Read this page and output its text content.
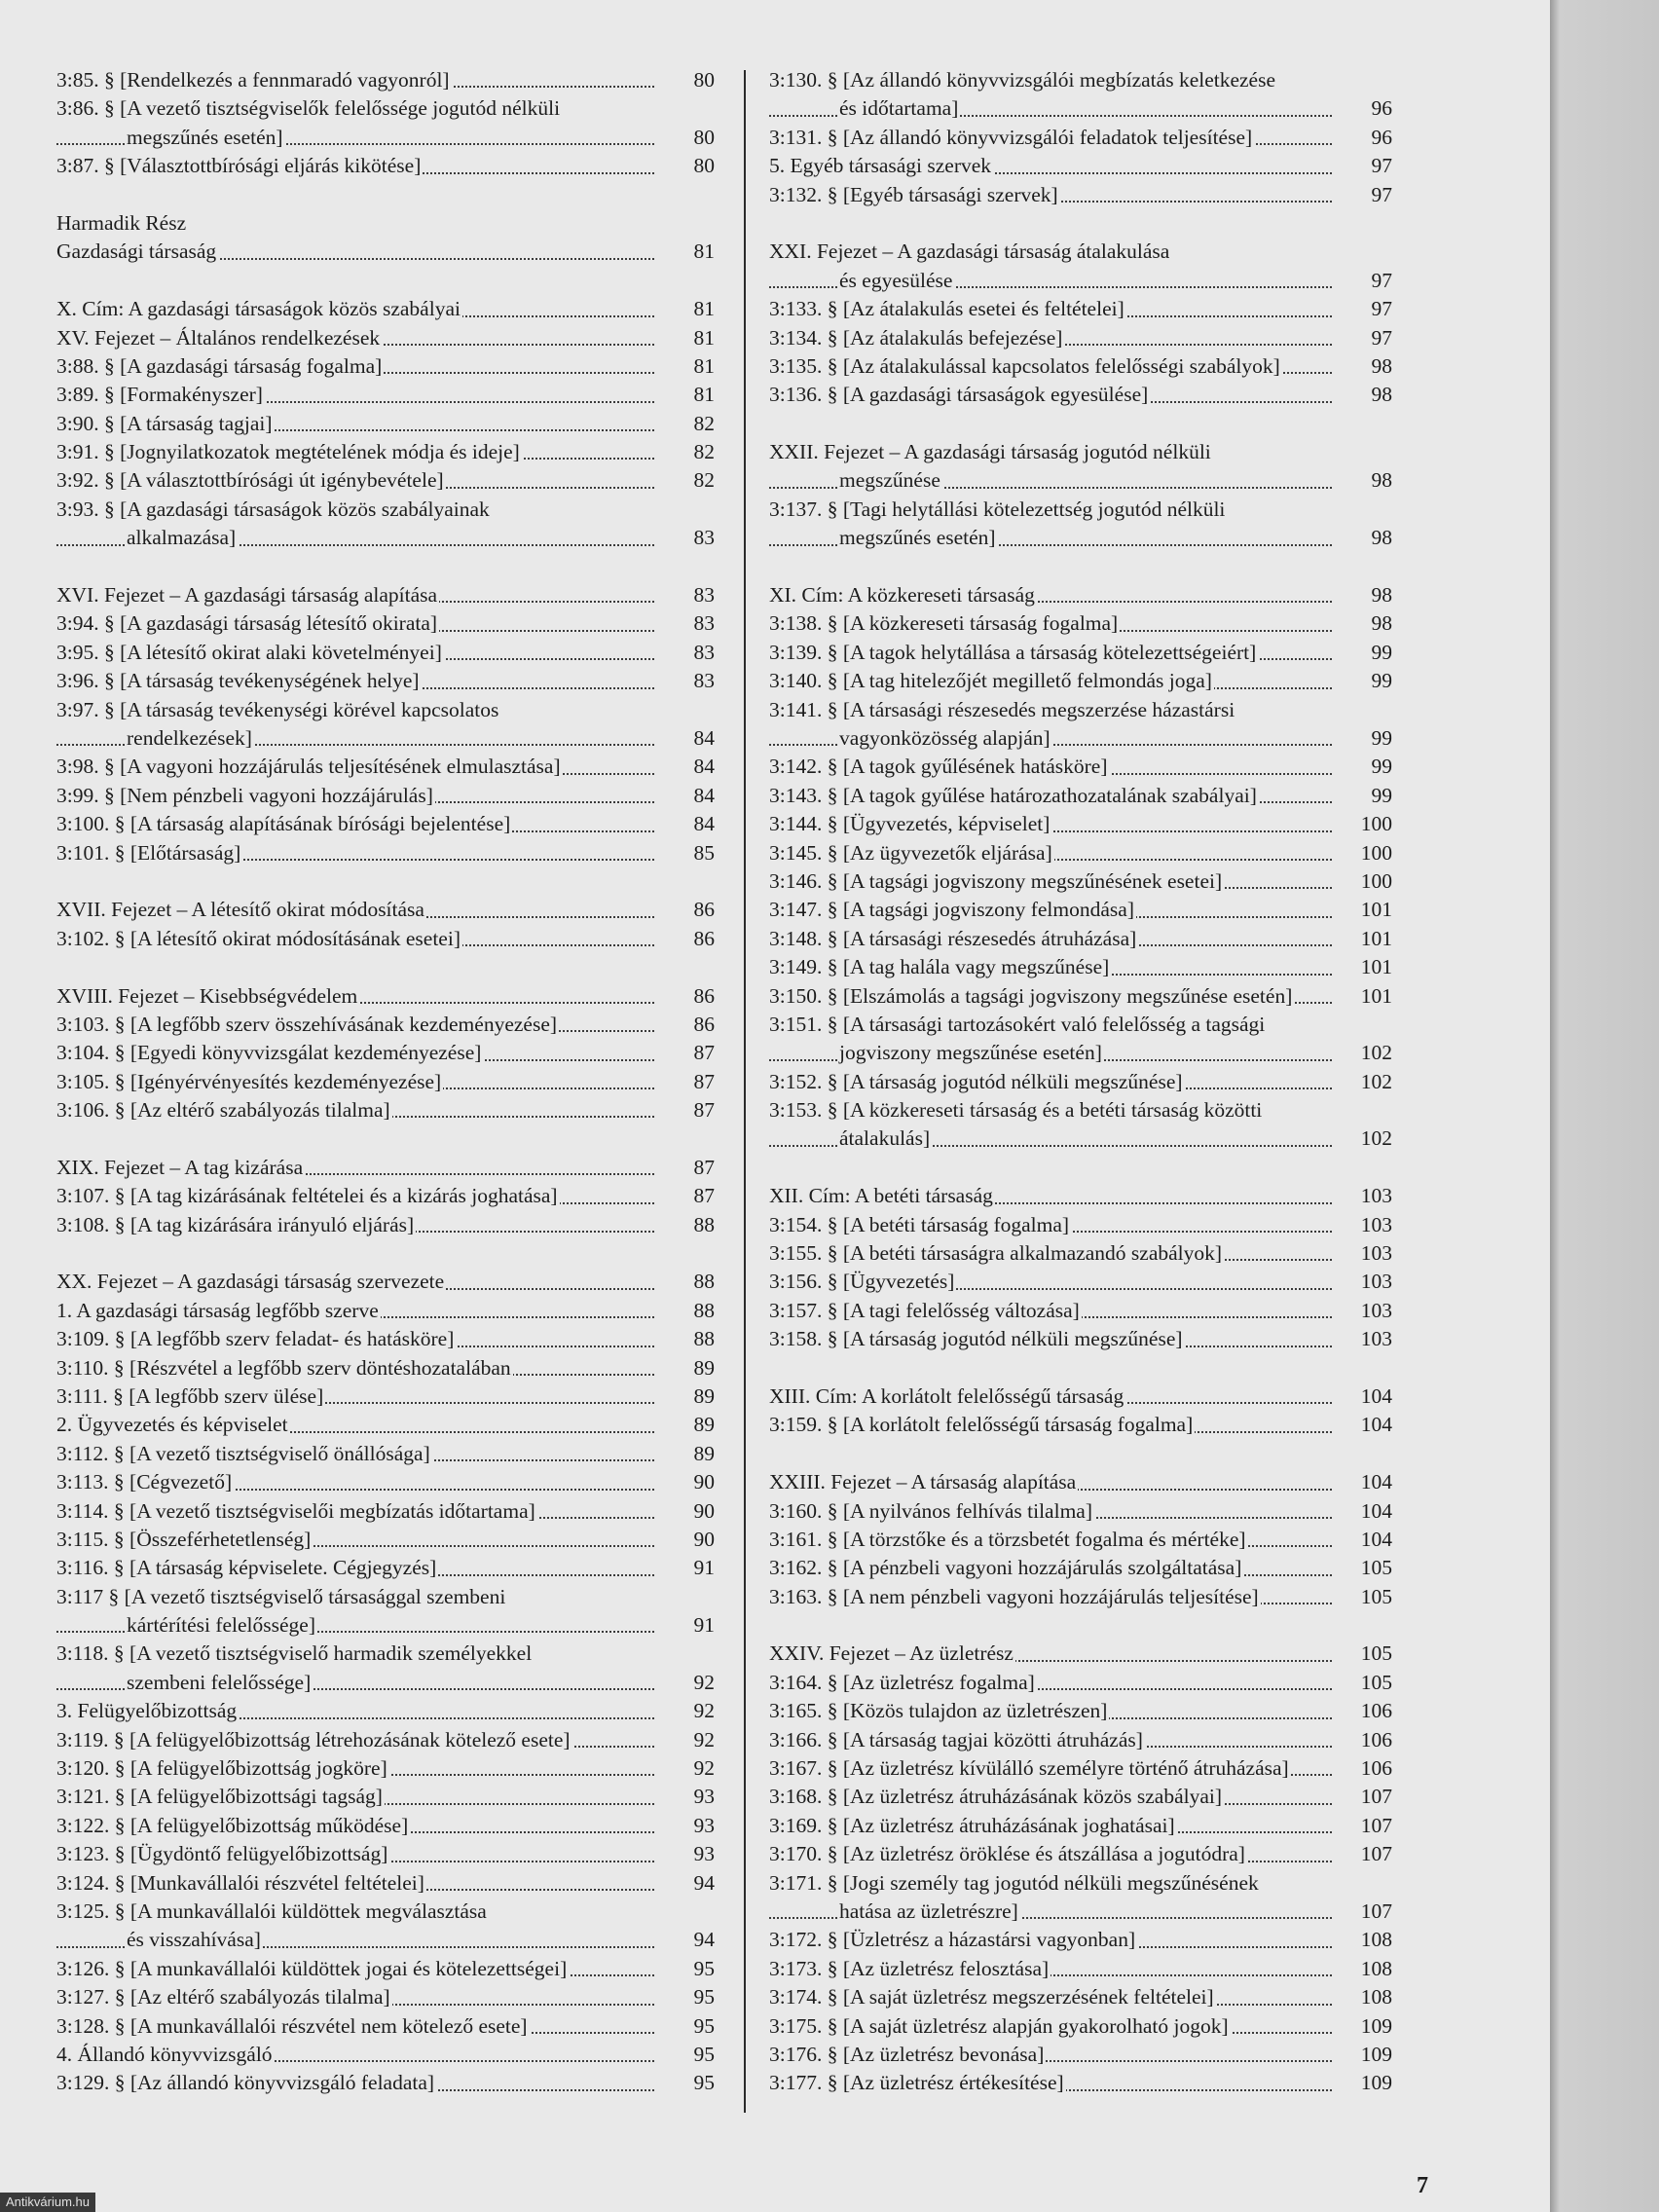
3:85. § [Rendelkezés a fennmaradó vagyonról]	80
3:86. § [A vezető tisztségviselők felelőssége jogutód nélküli
megszűnés esetén]	80
3:87. § [Választottbírósági eljárás kikötése]	80
Harmadik Rész
Gazdasági társaság	81
X. Cím: A gazdasági társaságok közös szabályai	81
XV. Fejezet – Általános rendelkezések	81
3:88. § [A gazdasági társaság fogalma]	81
3:89. § [Formakényszer]	81
3:90. § [A társaság tagjai]	82
3:91. § [Jognyilatkozatok megtételének módja és ideje]	82
3:92. § [A választottbírósági út igénybevétele]	82
3:93. § [A gazdasági társaságok közös szabályainak
alkalmazása]	83
XVI. Fejezet – A gazdasági társaság alapítása	83
3:94. § [A gazdasági társaság létesítő okirata]	83
3:95. § [A létesítő okirat alaki követelményei]	83
3:96. § [A társaság tevékenységének helye]	83
3:97. § [A társaság tevékenységi körével kapcsolatos
rendelkezések]	84
3:98. § [A vagyoni hozzájárulás teljesítésének elmulasztása]	84
3:99. § [Nem pénzbeli vagyoni hozzájárulás]	84
3:100. § [A társaság alapításának bírósági bejelentése]	84
3:101. § [Előtársaság]	85
XVII. Fejezet – A létesítő okirat módosítása	86
3:102. § [A létesítő okirat módosításának esetei]	86
XVIII. Fejezet – Kisebbségvédelem	86
3:103. § [A legfőbb szerv összehívásának kezdeményezése]	86
3:104. § [Egyedi könyvvizsgálat kezdeményezése]	87
3:105. § [Igényérvényesítés kezdeményezése]	87
3:106. § [Az eltérő szabályozás tilalma]	87
XIX. Fejezet – A tag kizárása	87
3:107. § [A tag kizárásának feltételei és a kizárás joghatása]	87
3:108. § [A tag kizárására irányuló eljárás]	88
XX. Fejezet – A gazdasági társaság szervezete	88
1. A gazdasági társaság legfőbb szerve	88
3:109. § [A legfőbb szerv feladat- és hatásköre]	88
3:110. § [Részvétel a legfőbb szerv döntéshozatalában	89
3:111. § [A legfőbb szerv ülése]	89
2. Ügyvezetés és képviselet	89
3:112. § [A vezető tisztségviselő önállósága]	89
3:113. § [Cégvezető]	90
3:114. § [A vezető tisztségviselői megbízatás időtartama]	90
3:115. § [Összeférhetetlenség]	90
3:116. § [A társaság képviselete. Cégjegyzés]	91
3:117 § [A vezető tisztségviselő társasággal szembeni
kártérítési felelőssége]	91
3:118. § [A vezető tisztségviselő harmadik személyekkel
szembeni felelőssége]	92
3. Felügyelőbizottság	92
3:119. § [A felügyelőbizottság létrehozásának kötelező esete]	92
3:120. § [A felügyelőbizottság jogköre]	92
3:121. § [A felügyelőbizottsági tagság]	93
3:122. § [A felügyelőbizottság működése]	93
3:123. § [Ügydöntő felügyelőbizottság]	93
3:124. § [Munkavállalói részvétel feltételei]	94
3:125. § [A munkavállalói küldöttek megválasztása
és visszahívása]	94
3:126. § [A munkavállalói küldöttek jogai és kötelezettségei]	95
3:127. § [Az eltérő szabályozás tilalma]	95
3:128. § [A munkavállalói részvétel nem kötelező esete]	95
4. Állandó könyvvizsgáló	95
3:129. § [Az állandó könyvvizsgáló feladata]	95
3:130. § [Az állandó könyvvizsgálói megbízatás keletkezése
és időtartama]	96
3:131. § [Az állandó könyvvizsgálói feladatok teljesítése]	96
5. Egyéb társasági szervek	97
3:132. § [Egyéb társasági szervek]	97
XXI. Fejezet – A gazdasági társaság átalakulása
és egyesülése	97
3:133. § [Az átalakulás esetei és feltételei]	97
3:134. § [Az átalakulás befejezése]	97
3:135. § [Az átalakulással kapcsolatos felelősségi szabályok]	98
3:136. § [A gazdasági társaságok egyesülése]	98
XXII. Fejezet – A gazdasági társaság jogutód nélküli
megszűnése	98
3:137. § [Tagi helytállási kötelezettség jogutód nélküli
megszűnés esetén]	98
XI. Cím: A közkereseti társaság	98
3:138. § [A közkereseti társaság fogalma]	98
3:139. § [A tagok helytállása a társaság kötelezettségeiért]	99
3:140. § [A tag hitelezőjét megillető felmondás joga]	99
3:141. § [A társasági részesedés megszerzése házastársi
vagyonközösség alapján]	99
3:142. § [A tagok gyűlésének hatásköre]	99
3:143. § [A tagok gyűlése határozathozatalának szabályai]	99
3:144. § [Ügyvezetés, képviselet]	100
3:145. § [Az ügyvezetők eljárása]	100
3:146. § [A tagsági jogviszony megszűnésének esetei]	100
3:147. § [A tagsági jogviszony felmondása]	101
3:148. § [A társasági részesedés átruházása]	101
3:149. § [A tag halála vagy megszűnése]	101
3:150. § [Elszámolás a tagsági jogviszony megszűnése esetén]	101
3:151. § [A társasági tartozásokért való felelősség a tagsági
jogviszony megszűnése esetén]	102
3:152. § [A társaság jogutód nélküli megszűnése]	102
3:153. § [A közkereseti társaság és a betéti társaság közötti
átalakulás]	102
XII. Cím: A betéti társaság	103
3:154. § [A betéti társaság fogalma]	103
3:155. § [A betéti társaságra alkalmazandó szabályok]	103
3:156. § [Ügyvezetés]	103
3:157. § [A tagi felelősség változása]	103
3:158. § [A társaság jogutód nélküli megszűnése]	103
XIII. Cím: A korlátolt felelősségű társaság	104
3:159. § [A korlátolt felelősségű társaság fogalma]	104
XXIII. Fejezet – A társaság alapítása	104
3:160. § [A nyilvános felhívás tilalma]	104
3:161. § [A törzstőke és a törzsbetét fogalma és mértéke]	104
3:162. § [A pénzbeli vagyoni hozzájárulás szolgáltatása]	105
3:163. § [A nem pénzbeli vagyoni hozzájárulás teljesítése]	105
XXIV. Fejezet – Az üzletrész	105
3:164. § [Az üzletrész fogalma]	105
3:165. § [Közös tulajdon az üzletrészen]	106
3:166. § [A társaság tagjai közötti átruházás]	106
3:167. § [Az üzletrész kívülálló személyre történő átruházása]	106
3:168. § [Az üzletrész átruházásának közös szabályai]	107
3:169. § [Az üzletrész átruházásának joghatásai]	107
3:170. § [Az üzletrész öröklése és átszállása a jogutódra]	107
3:171. § [Jogi személy tag jogutód nélküli megszűnésének
hatása az üzletrészre]	107
3:172. § [Üzletrész a házastársi vagyonban]	108
3:173. § [Az üzletrész felosztása]	108
3:174. § [A saját üzletrész megszerzésének feltételei]	108
3:175. § [A saját üzletrész alapján gyakorolható jogok]	109
3:176. § [Az üzletrész bevonása]	109
3:177. § [Az üzletrész értékesítése]	109
7
Antikvárium.hu
